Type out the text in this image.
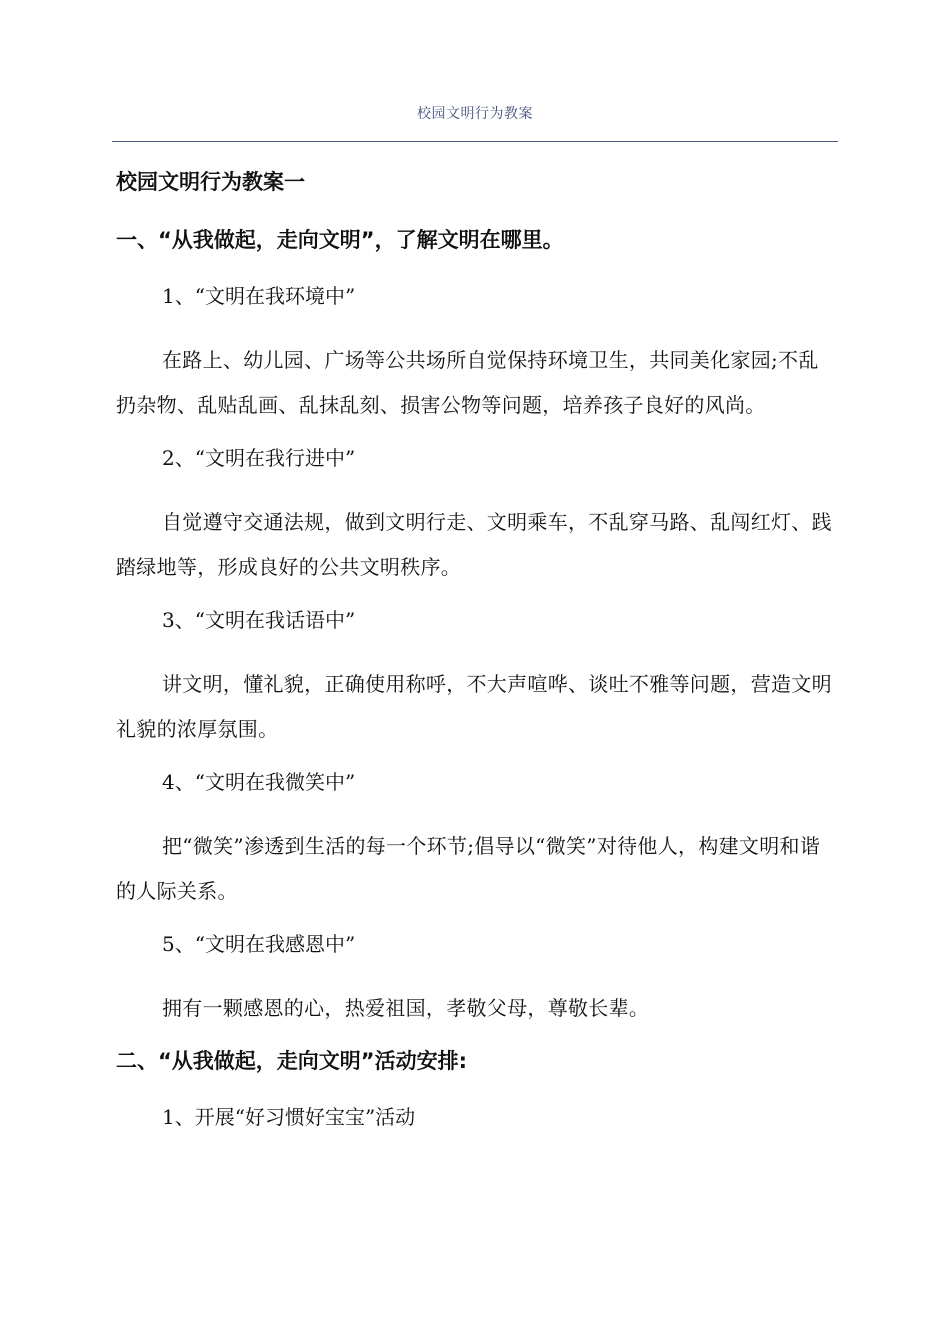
校园文明行为教案
校园文明行为教案一
一、“从我做起，走向文明”，了解文明在哪里。
1、“文明在我环境中”
在路上、幼儿园、广场等公共场所自觉保持环境卫生，共同美化家园;不乱扔杂物、乱贴乱画、乱抹乱刻、损害公物等问题，培养孩子良好的风尚。
2、“文明在我行进中”
自觉遵守交通法规，做到文明行走、文明乘车，不乱穿马路、乱闯红灯、践踏绿地等，形成良好的公共文明秩序。
3、“文明在我话语中”
讲文明，懂礼貌，正确使用称呼，不大声喧哗、谈吐不雅等问题，营造文明礼貌的浓厚氛围。
4、“文明在我微笑中”
把“微笑”渗透到生活的每一个环节;倡导以“微笑”对待他人，构建文明和谐的人际关系。
5、“文明在我感恩中”
拥有一颗感恩的心，热爱祖国，孝敬父母，尊敬长辈。
二、“从我做起，走向文明”活动安排:
1、开展“好习惯好宝宝”活动
